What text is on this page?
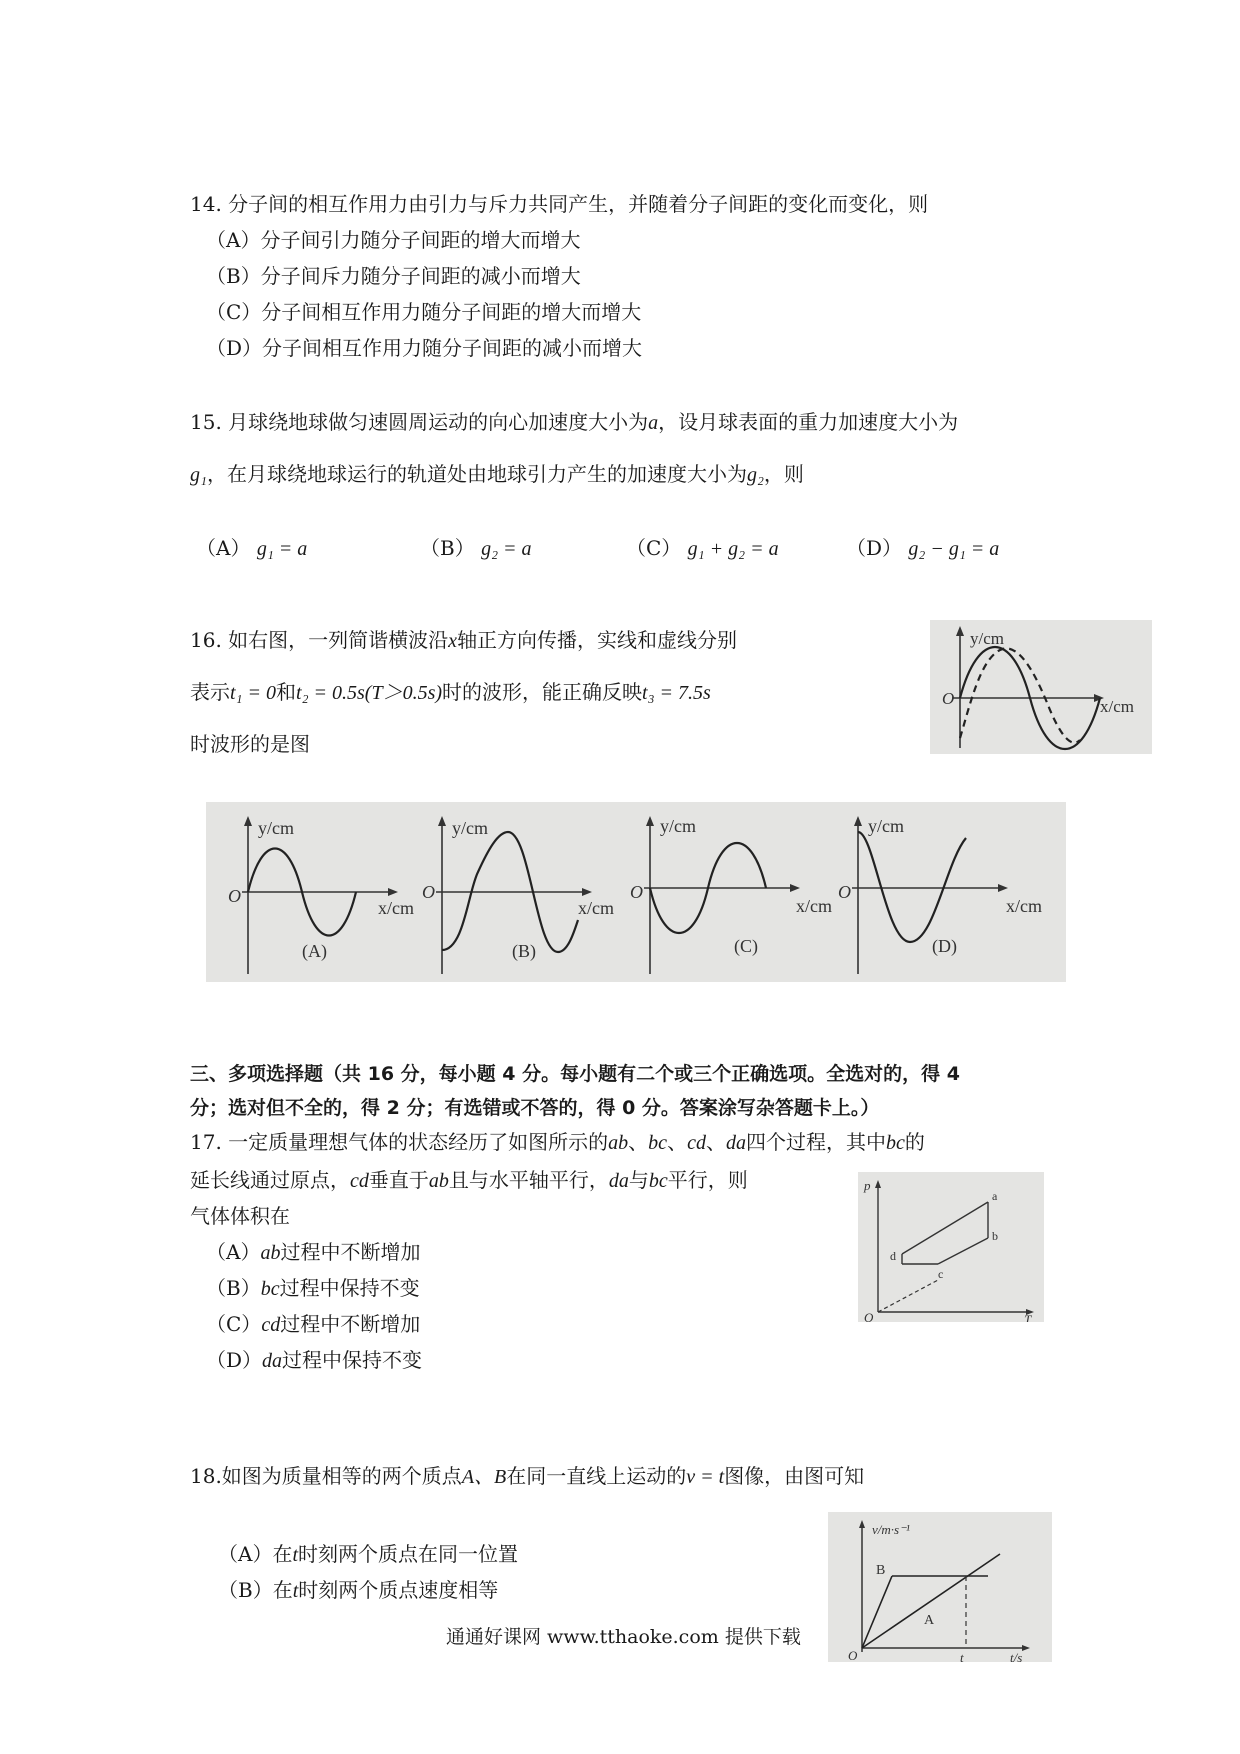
14. 分子间的相互作用力由引力与斥力共同产生，并随着分子间距的变化而变化，则
（A）分子间引力随分子间距的增大而增大
（B）分子间斥力随分子间距的减小而增大
（C）分子间相互作用力随分子间距的增大而增大
（D）分子间相互作用力随分子间距的减小而增大
15. 月球绕地球做匀速圆周运动的向心加速度大小为a，设月球表面的重力加速度大小为
g₁，在月球绕地球运行的轨道处由地球引力产生的加速度大小为g₂，则
（A） g₁ = a	（B） g₂ = a	（C） g₁ + g₂ = a	（D） g₂ − g₁ = a
16. 如右图，一列简谐横波沿x轴正方向传播，实线和虚线分别
表示t₁ = 0和t₂ = 0.5s(T＞0.5s)时的波形，能正确反映t₃ = 7.5s
时波形的是图
y/cm
x/cm
O
y/cm
x/cm
O
(A)
y/cm
x/cm
O
(B)
y/cm
x/cm
O
(C)
y/cm
x/cm
O
(D)
三、多项选择题（共 16 分，每小题 4 分。每小题有二个或三个正确选项。全选对的，得 4
分；选对但不全的，得 2 分；有选错或不答的，得 0 分。答案涂写杂答题卡上。）
17. 一定质量理想气体的状态经历了如图所示的ab、bc、cd、da四个过程，其中bc的
延长线通过原点，cd垂直于ab且与水平轴平行，da与bc平行，则
气体体积在
（A）ab过程中不断增加
（B）bc过程中保持不变
（C）cd过程中不断增加
（D）da过程中保持不变
p
T
O
a
b
c
d
18.如图为质量相等的两个质点A、B在同一直线上运动的v = t图像，由图可知
（A）在t时刻两个质点在同一位置
（B）在t时刻两个质点速度相等
v/m·s⁻¹
t/s
O	t
A
B
通通好课网 www.tthaoke.com 提供下载
